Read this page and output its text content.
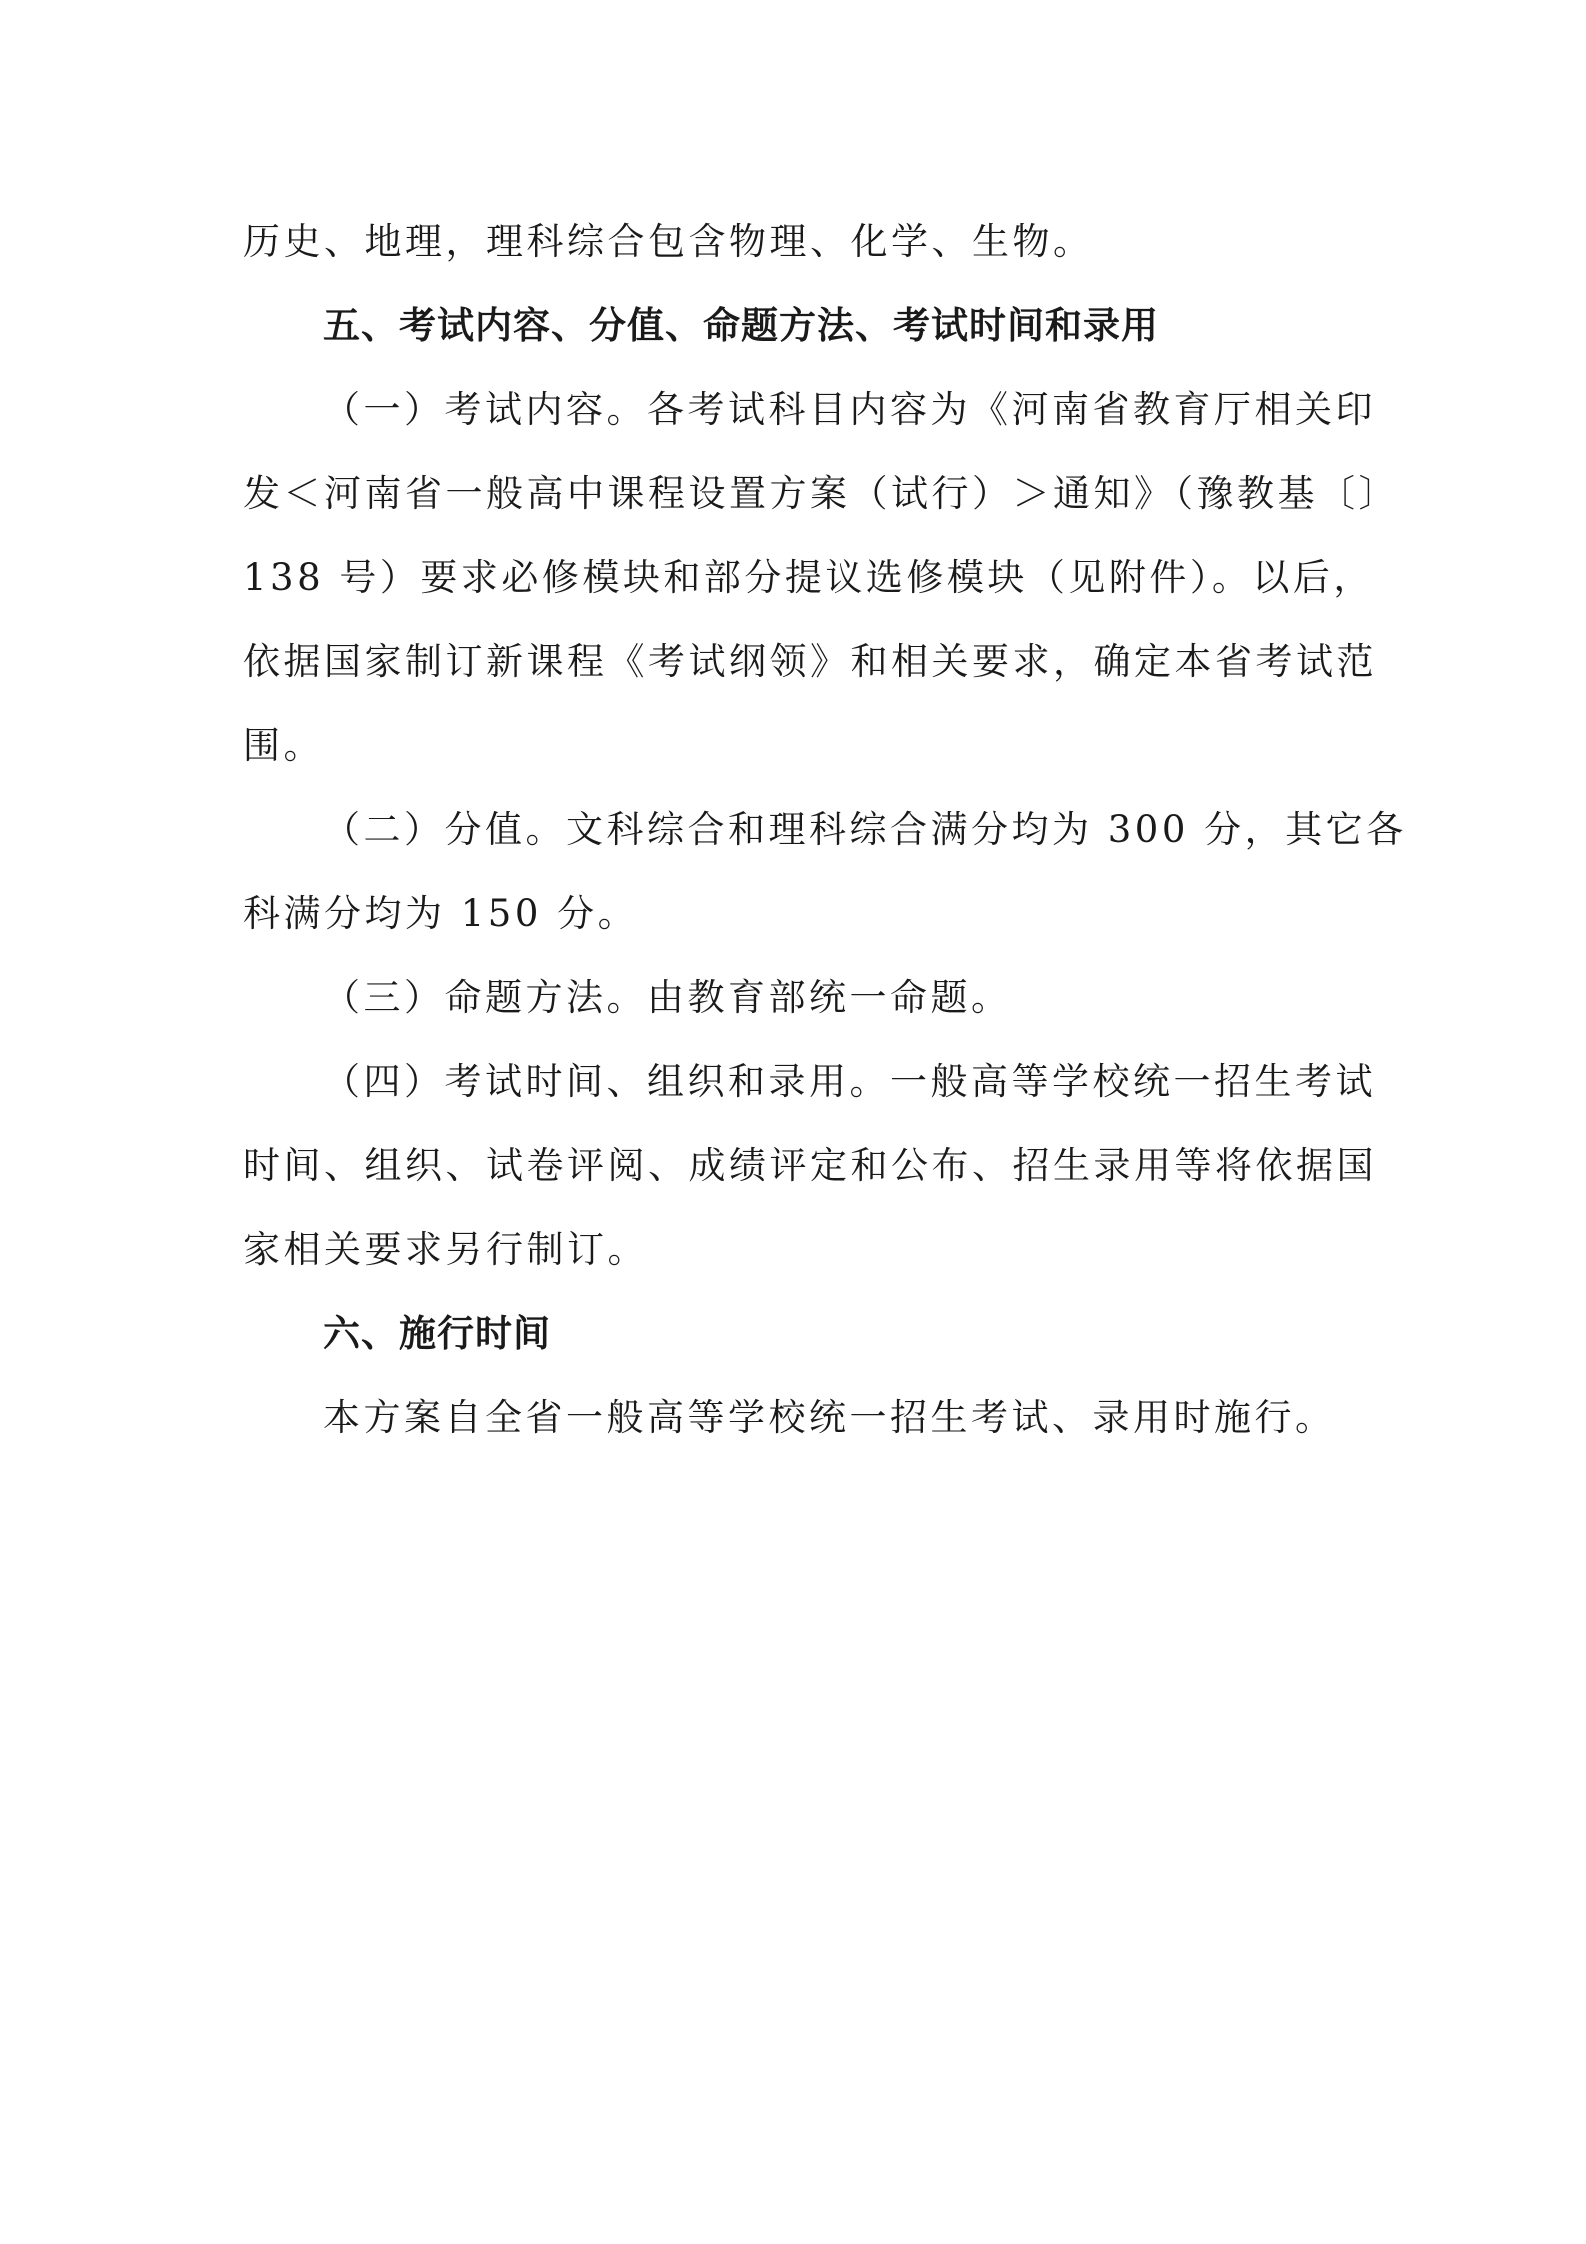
历史、地理，理科综合包含物理、化学、生物。

五、考试内容、分值、命题方法、考试时间和录用

（一）考试内容。各考试科目内容为《河南省教育厅相关印

发＜河南省一般高中课程设置方案（试行）＞通知》（豫教基〔〕

138 号）要求必修模块和部分提议选修模块（见附件）。以后，

依据国家制订新课程《考试纲领》和相关要求，确定本省考试范

围。

（二）分值。文科综合和理科综合满分均为 300 分，其它各

科满分均为 150 分。

（三）命题方法。由教育部统一命题。

（四）考试时间、组织和录用。一般高等学校统一招生考试

时间、组织、试卷评阅、成绩评定和公布、招生录用等将依据国

家相关要求另行制订。

六、施行时间

本方案自全省一般高等学校统一招生考试、录用时施行。
